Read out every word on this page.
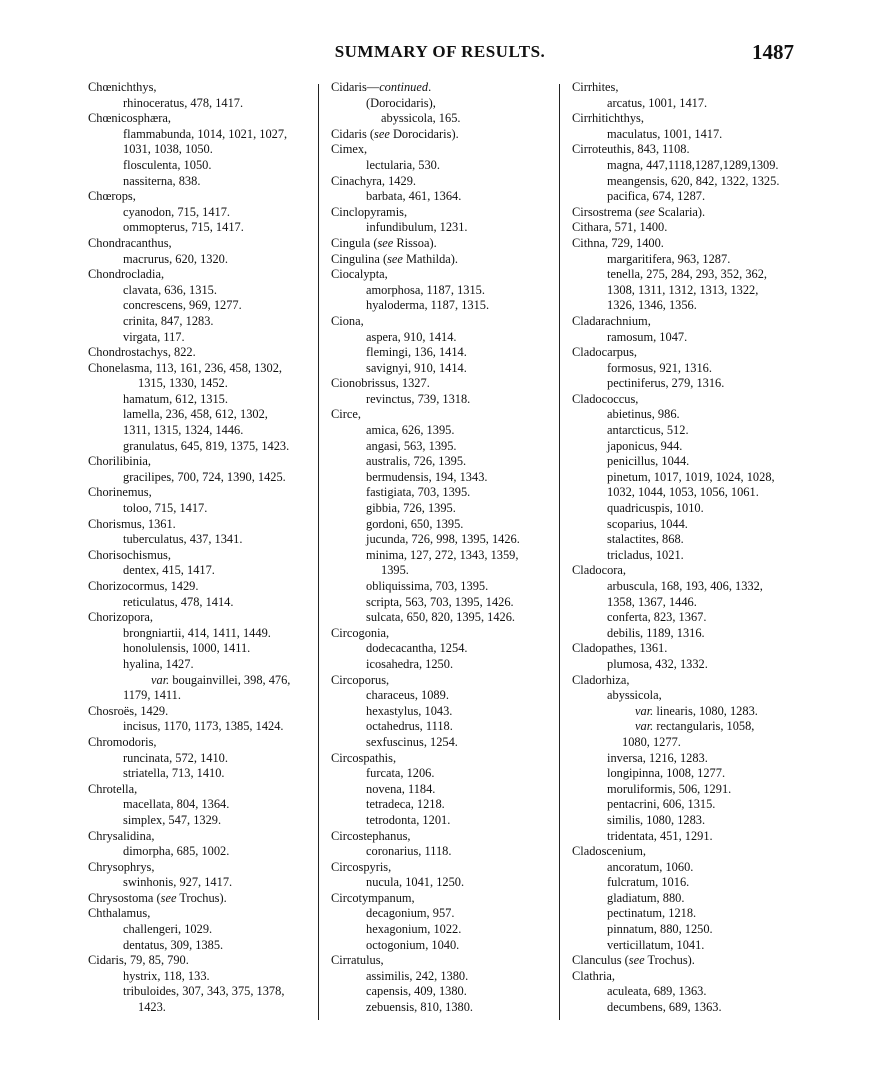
SUMMARY OF RESULTS.	1487
Chœnichthys,
rhinoceratus, 478, 1417.
Chœnicosphæra,
flammabunda, 1014, 1021, 1027,
1031, 1038, 1050.
flosculenta, 1050.
nassiterna, 838.
Chœrops,
cyanodon, 715, 1417.
ommopterus, 715, 1417.
Chondracanthus,
macrurus, 620, 1320.
Chondrocladia,
clavata, 636, 1315.
concrescens, 969, 1277.
crinita, 847, 1283.
virgata, 117.
Chondrostachys, 822.
Chonelasma, 113, 161, 236, 458, 1302,
1315, 1330, 1452.
hamatum, 612, 1315.
lamella, 236, 458, 612, 1302,
1311, 1315, 1324, 1446.
granulatus, 645, 819, 1375, 1423.
Chorilibinia,
gracilipes, 700, 724, 1390, 1425.
Chorinemus,
toloo, 715, 1417.
Chorismus, 1361.
tuberculatus, 437, 1341.
Chorisochismus,
dentex, 415, 1417.
Chorizocormus, 1429.
reticulatus, 478, 1414.
Chorizopora,
brongniartii, 414, 1411, 1449.
honolulensis, 1000, 1411.
hyalina, 1427.
var. bougainvillei, 398, 476,
1179, 1411.
Chosroës, 1429.
incisus, 1170, 1173, 1385, 1424.
Chromodoris,
runcinata, 572, 1410.
striatella, 713, 1410.
Chrotella,
macellata, 804, 1364.
simplex, 547, 1329.
Chrysalidina,
dimorpha, 685, 1002.
Chrysophrys,
swinhonis, 927, 1417.
Chrysostoma (see Trochus).
Chthalamus,
challengeri, 1029.
dentatus, 309, 1385.
Cidaris, 79, 85, 790.
hystrix, 118, 133.
tribuloides, 307, 343, 375, 1378,
1423.
Cidaris—continued.
(Dorocidaris),
abyssicola, 165.
Cidaris (see Dorocidaris).
Cimex,
lectularia, 530.
Cinachyra, 1429.
barbata, 461, 1364.
Cinclopyramis,
infundibulum, 1231.
Cingula (see Rissoa).
Cingulina (see Mathilda).
Ciocalypta,
amorphosa, 1187, 1315.
hyaloderma, 1187, 1315.
Ciona,
aspera, 910, 1414.
flemingi, 136, 1414.
savignyi, 910, 1414.
Cionobrissus, 1327.
revinctus, 739, 1318.
Circe,
amica, 626, 1395.
angasi, 563, 1395.
australis, 726, 1395.
bermudensis, 194, 1343.
fastigiata, 703, 1395.
gibbia, 726, 1395.
gordoni, 650, 1395.
jucunda, 726, 998, 1395, 1426.
minima, 127, 272, 1343, 1359,
1395.
obliquissima, 703, 1395.
scripta, 563, 703, 1395, 1426.
sulcata, 650, 820, 1395, 1426.
Circogonia,
dodecacantha, 1254.
icosahedra, 1250.
Circoporus,
characeus, 1089.
hexastylus, 1043.
octahedrus, 1118.
sexfuscinus, 1254.
Circospathis,
furcata, 1206.
novena, 1184.
tetradeca, 1218.
tetrodonta, 1201.
Circostephanus,
coronarius, 1118.
Circospyris,
nucula, 1041, 1250.
Circotympanum,
decagonium, 957.
hexagonium, 1022.
octogonium, 1040.
Cirratulus,
assimilis, 242, 1380.
capensis, 409, 1380.
zebuensis, 810, 1380.
Cirrhites,
arcatus, 1001, 1417.
Cirrhitichthys,
maculatus, 1001, 1417.
Cirroteuthis, 843, 1108.
magna, 447,1118,1287,1289,1309.
meangensis, 620, 842, 1322, 1325.
pacifica, 674, 1287.
Cirsostrema (see Scalaria).
Cithara, 571, 1400.
Cithna, 729, 1400.
margaritifera, 963, 1287.
tenella, 275, 284, 293, 352, 362,
1308, 1311, 1312, 1313, 1322,
1326, 1346, 1356.
Cladarachnium,
ramosum, 1047.
Cladocarpus,
formosus, 921, 1316.
pectiniferus, 279, 1316.
Cladococcus,
abietinus, 986.
antarcticus, 512.
japonicus, 944.
penicillus, 1044.
pinetum, 1017, 1019, 1024, 1028,
1032, 1044, 1053, 1056, 1061.
quadricuspis, 1010.
scoparius, 1044.
stalactites, 868.
tricladus, 1021.
Cladocora,
arbuscula, 168, 193, 406, 1332,
1358, 1367, 1446.
conferta, 823, 1367.
debilis, 1189, 1316.
Cladopathes, 1361.
plumosa, 432, 1332.
Cladorhiza,
abyssicola,
var. linearis, 1080, 1283.
var. rectangularis, 1058,
1080, 1277.
inversa, 1216, 1283.
longipinna, 1008, 1277.
moruliformis, 506, 1291.
pentacrini, 606, 1315.
similis, 1080, 1283.
tridentata, 451, 1291.
Cladoscenium,
ancoratum, 1060.
fulcratum, 1016.
gladiatum, 880.
pectinatum, 1218.
pinnatum, 880, 1250.
verticillatum, 1041.
Clanculus (see Trochus).
Clathria,
aculeata, 689, 1363.
decumbens, 689, 1363.
